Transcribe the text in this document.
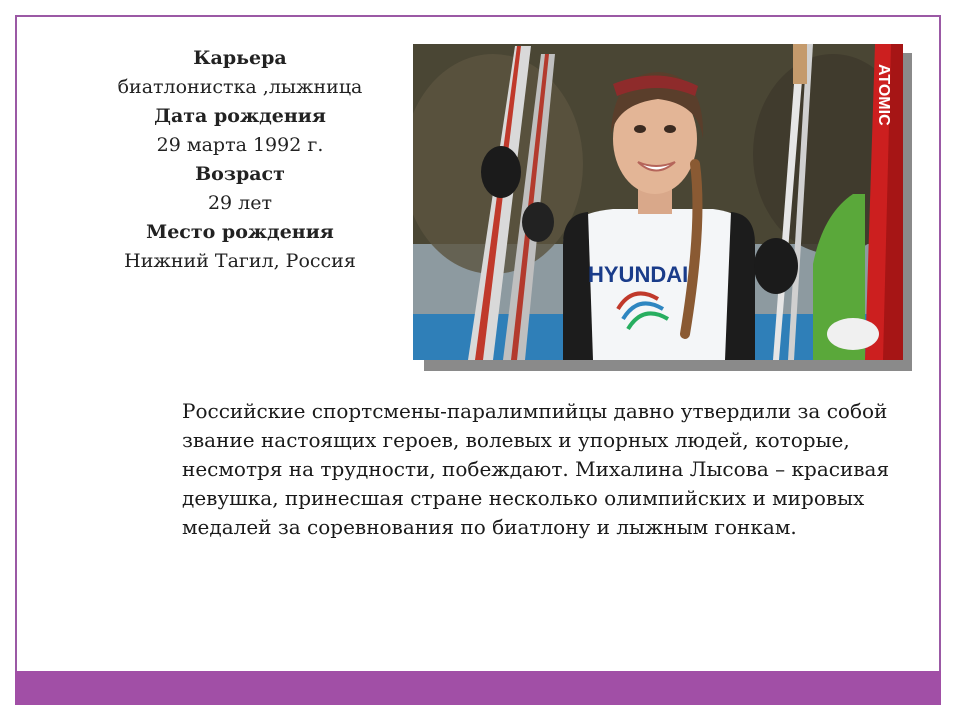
Карьера
биатлонистка ,лыжница
Дата рождения
29 марта 1992 г.
Возраст
29 лет
Место рождения
Нижний Тагил, Россия
HYUNDAI
ATOMIC

Российские спортсмены-паралимпийцы давно утвердили за собой звание настоящих героев, волевых и упорных людей, которые, несмотря на трудности, побеждают. Михалина Лысова – красивая девушка, принесшая стране несколько олимпийских и мировых медалей за соревнования по биатлону и лыжным гонкам.
